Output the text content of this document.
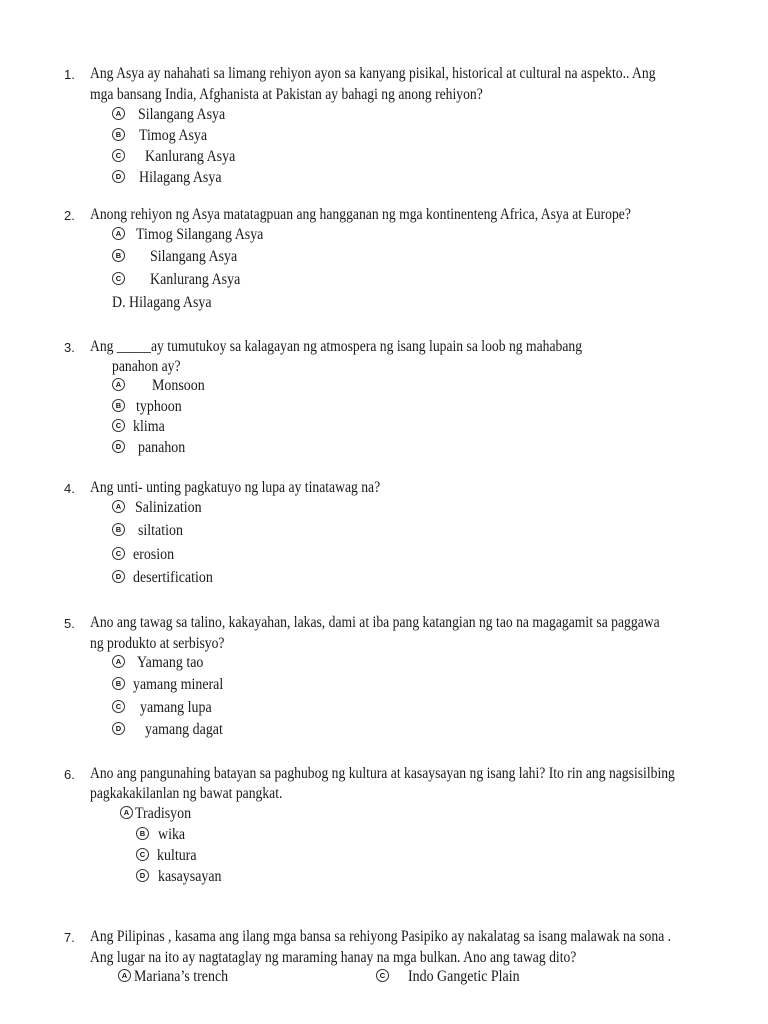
1. Ang Asya ay nahahati sa limang rehiyon ayon sa kanyang pisikal, historical at cultural na aspekto.. Ang
mga bansang India, Afghanista at Pakistan ay bahagi ng anong rehiyon?
A Silangang Asya
B Timog Asya
C Kanlurang Asya
D Hilagang Asya
2. Anong rehiyon ng Asya matatagpuan ang hangganan ng mga kontinenteng Africa, Asya at Europe?
A Timog Silangang Asya
B Silangang Asya
C Kanlurang Asya
D. Hilagang Asya
3. Ang _____ay tumutukoy sa kalagayan ng atmospera ng isang lupain sa loob ng mahabang
panahon ay?
A Monsoon
B typhoon
C klima
D panahon
4. Ang unti- unting pagkatuyo ng lupa ay tinatawag na?
A Salinization
B siltation
C erosion
D desertification
5. Ano ang tawag sa talino, kakayahan, lakas, dami at iba pang katangian ng tao na magagamit sa paggawa
ng produkto at serbisyo?
A Yamang tao
B yamang mineral
C yamang lupa
D yamang dagat
6. Ano ang pangunahing batayan sa paghubog ng kultura at kasaysayan ng isang lahi? Ito rin ang nagsisilbing
pagkakakilanlan ng bawat pangkat.
A Tradisyon
B wika
C kultura
D kasaysayan
7. Ang Pilipinas , kasama ang ilang mga bansa sa rehiyong Pasipiko ay nakalatag sa isang malawak na sona .
Ang lugar na ito ay nagtataglay ng maraming hanay na mga bulkan. Ano ang tawag dito?
A Mariana’s trench	C Indo Gangetic Plain
